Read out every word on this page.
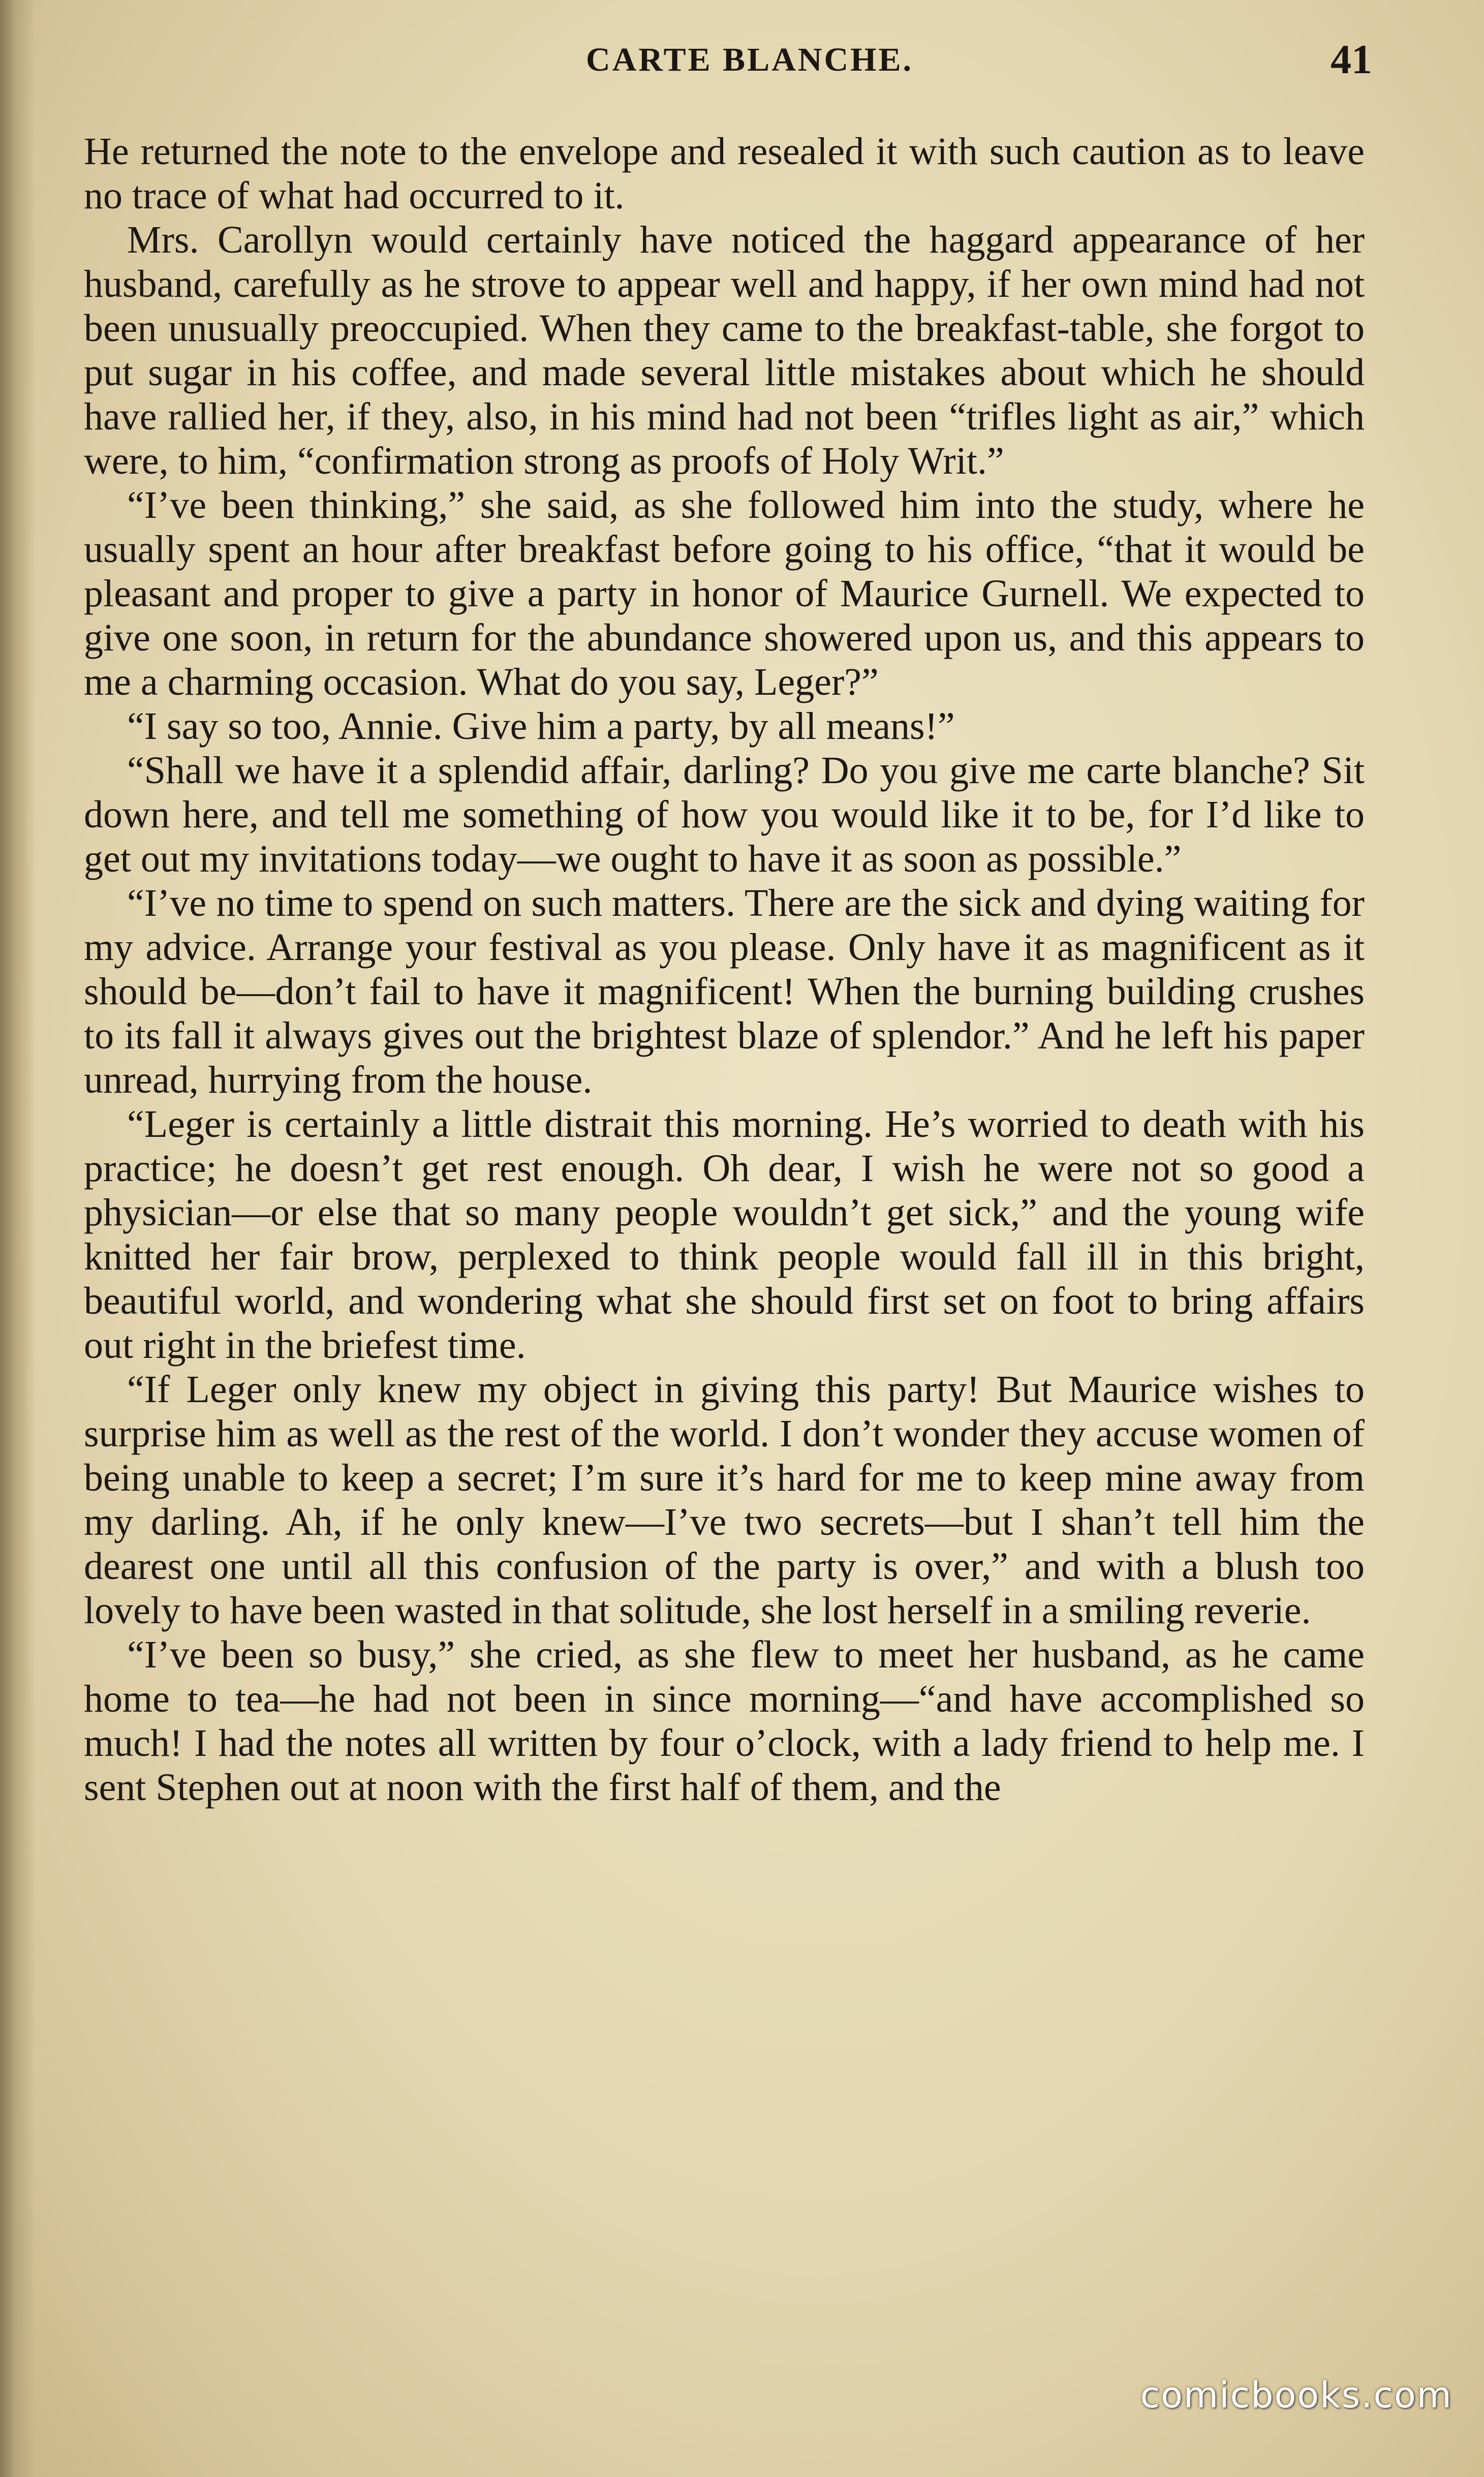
CARTE BLANCHE.	41

He returned the note to the envelope and resealed it with such caution as to leave no trace of what had occurred to it.

Mrs. Carollyn would certainly have noticed the haggard appearance of her husband, carefully as he strove to appear well and happy, if her own mind had not been unusually preoccupied. When they came to the breakfast-table, she forgot to put sugar in his coffee, and made several little mistakes about which he should have rallied her, if they, also, in his mind had not been “trifles light as air,” which were, to him, “confirmation strong as proofs of Holy Writ.”

“I’ve been thinking,” she said, as she followed him into the study, where he usually spent an hour after breakfast before going to his office, “that it would be pleasant and proper to give a party in honor of Maurice Gurnell. We expected to give one soon, in return for the abundance showered upon us, and this appears to me a charming occasion. What do you say, Leger?”

“I say so too, Annie. Give him a party, by all means!”

“Shall we have it a splendid affair, darling? Do you give me carte blanche? Sit down here, and tell me something of how you would like it to be, for I’d like to get out my invitations today—we ought to have it as soon as possible.”

“I’ve no time to spend on such matters. There are the sick and dying waiting for my advice. Arrange your festival as you please. Only have it as magnificent as it should be—don’t fail to have it magnificent! When the burning building crushes to its fall it always gives out the brightest blaze of splendor.” And he left his paper unread, hurrying from the house.

“Leger is certainly a little distrait this morning. He’s worried to death with his practice; he doesn’t get rest enough. Oh dear, I wish he were not so good a physician—or else that so many people wouldn’t get sick,” and the young wife knitted her fair brow, perplexed to think people would fall ill in this bright, beautiful world, and wondering what she should first set on foot to bring affairs out right in the briefest time.

“If Leger only knew my object in giving this party! But Maurice wishes to surprise him as well as the rest of the world. I don’t wonder they accuse women of being unable to keep a secret; I’m sure it’s hard for me to keep mine away from my darling. Ah, if he only knew—I’ve two secrets—but I shan’t tell him the dearest one until all this confusion of the party is over,” and with a blush too lovely to have been wasted in that solitude, she lost herself in a smiling reverie.

“I’ve been so busy,” she cried, as she flew to meet her husband, as he came home to tea—he had not been in since morning—“and have accomplished so much! I had the notes all written by four o’clock, with a lady friend to help me. I sent Stephen out at noon with the first half of them, and the

comicbooks.com
